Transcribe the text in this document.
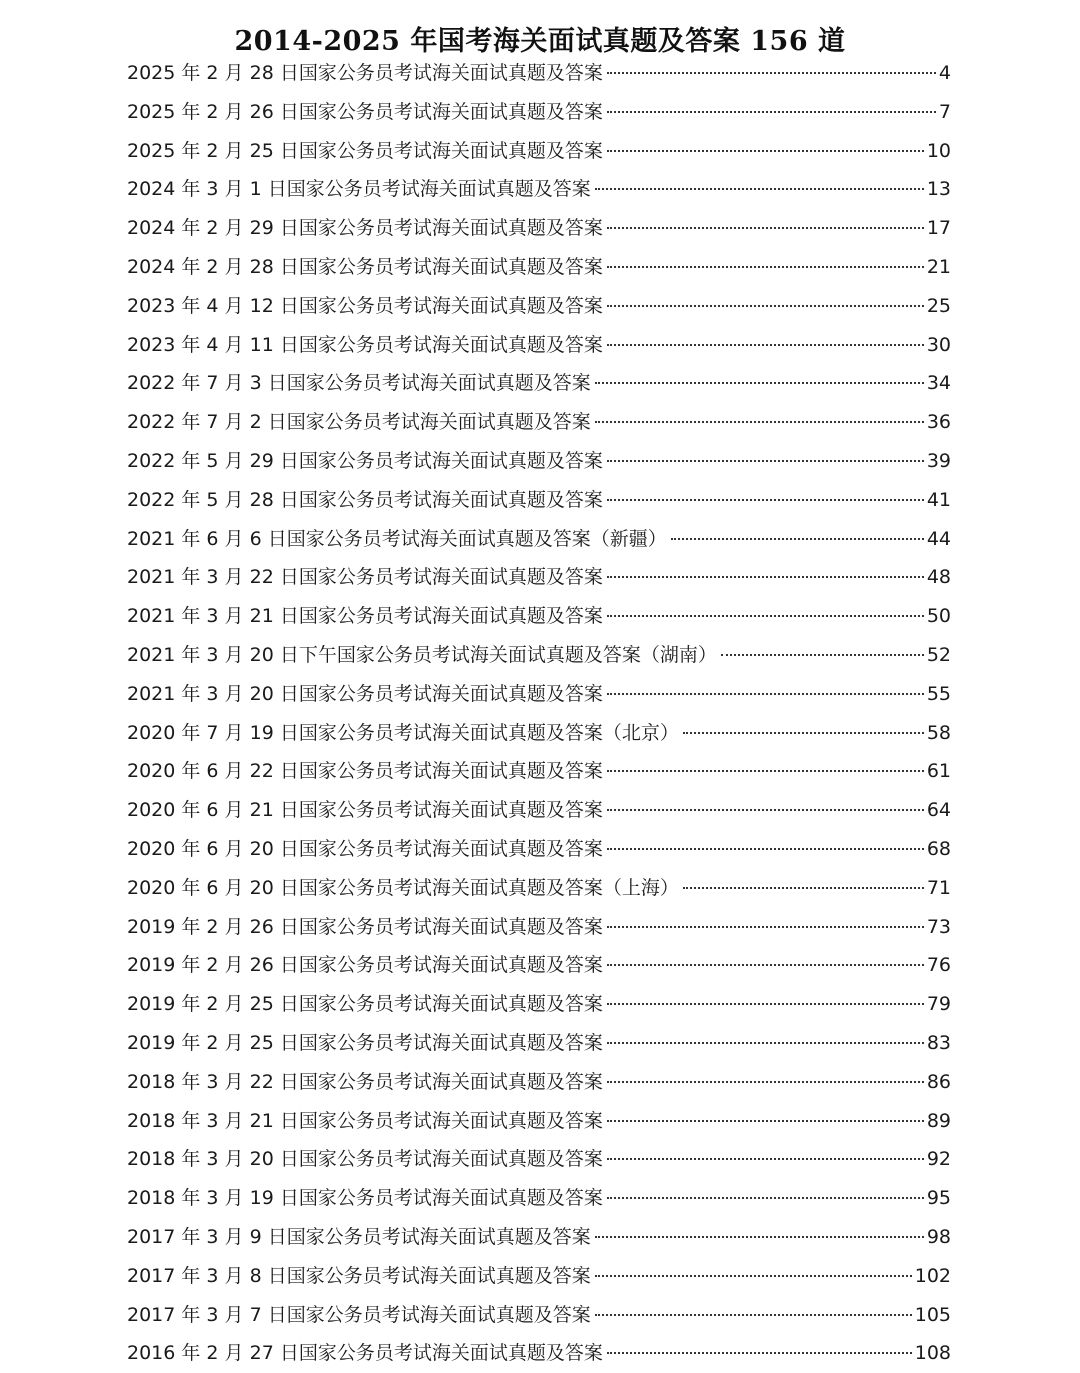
2014-2025 年国考海关面试真题及答案 156 道
2025 年 2 月 28 日国家公务员考试海关面试真题及答案	4
2025 年 2 月 26 日国家公务员考试海关面试真题及答案	7
2025 年 2 月 25 日国家公务员考试海关面试真题及答案	10
2024 年 3 月 1 日国家公务员考试海关面试真题及答案	13
2024 年 2 月 29 日国家公务员考试海关面试真题及答案	17
2024 年 2 月 28 日国家公务员考试海关面试真题及答案	21
2023 年 4 月 12 日国家公务员考试海关面试真题及答案	25
2023 年 4 月 11 日国家公务员考试海关面试真题及答案	30
2022 年 7 月 3 日国家公务员考试海关面试真题及答案	34
2022 年 7 月 2 日国家公务员考试海关面试真题及答案	36
2022 年 5 月 29 日国家公务员考试海关面试真题及答案	39
2022 年 5 月 28 日国家公务员考试海关面试真题及答案	41
2021 年 6 月 6 日国家公务员考试海关面试真题及答案（新疆）	44
2021 年 3 月 22 日国家公务员考试海关面试真题及答案	48
2021 年 3 月 21 日国家公务员考试海关面试真题及答案	50
2021 年 3 月 20 日下午国家公务员考试海关面试真题及答案（湖南）	52
2021 年 3 月 20 日国家公务员考试海关面试真题及答案	55
2020 年 7 月 19 日国家公务员考试海关面试真题及答案（北京）	58
2020 年 6 月 22 日国家公务员考试海关面试真题及答案	61
2020 年 6 月 21 日国家公务员考试海关面试真题及答案	64
2020 年 6 月 20 日国家公务员考试海关面试真题及答案	68
2020 年 6 月 20 日国家公务员考试海关面试真题及答案（上海）	71
2019 年 2 月 26 日国家公务员考试海关面试真题及答案	73
2019 年 2 月 26 日国家公务员考试海关面试真题及答案	76
2019 年 2 月 25 日国家公务员考试海关面试真题及答案	79
2019 年 2 月 25 日国家公务员考试海关面试真题及答案	83
2018 年 3 月 22 日国家公务员考试海关面试真题及答案	86
2018 年 3 月 21 日国家公务员考试海关面试真题及答案	89
2018 年 3 月 20 日国家公务员考试海关面试真题及答案	92
2018 年 3 月 19 日国家公务员考试海关面试真题及答案	95
2017 年 3 月 9 日国家公务员考试海关面试真题及答案	98
2017 年 3 月 8 日国家公务员考试海关面试真题及答案	102
2017 年 3 月 7 日国家公务员考试海关面试真题及答案	105
2016 年 2 月 27 日国家公务员考试海关面试真题及答案	108
